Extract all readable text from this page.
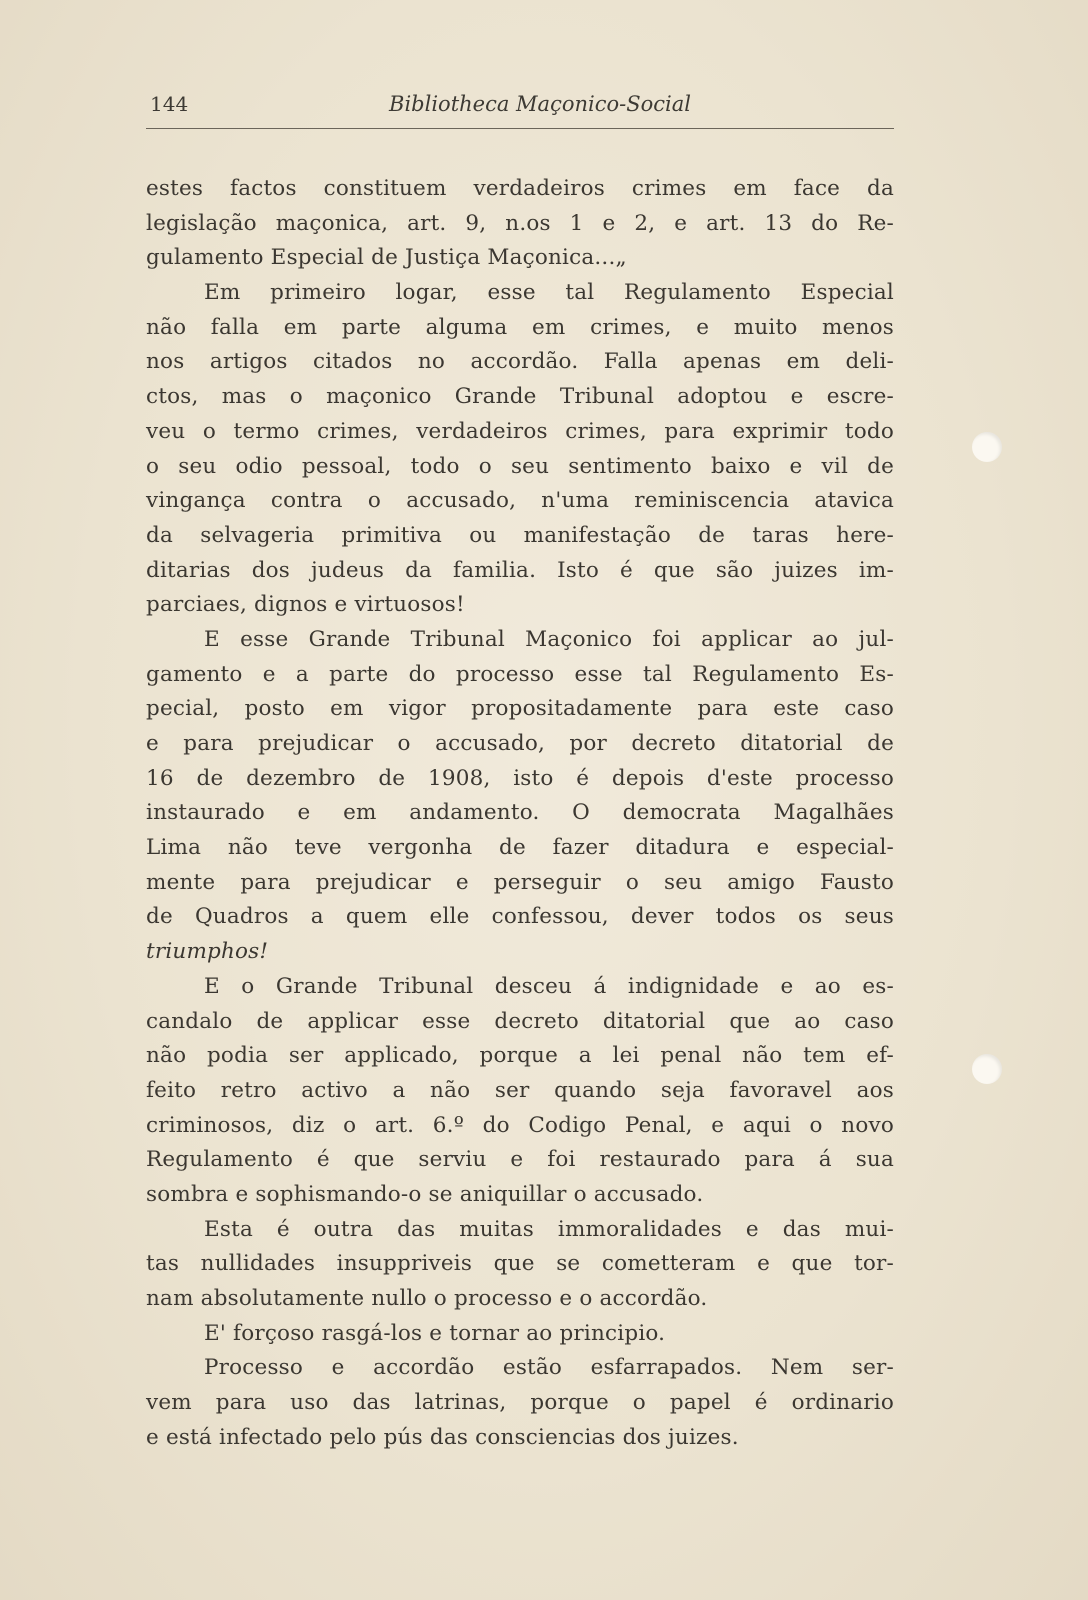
144	Bibliotheca Maçonico-Social
estes factos constituem verdadeiros crimes em face da
legislação maçonica, art. 9, n.os 1 e 2, e art. 13 do Re-
gulamento Especial de Justiça Maçonica...„
Em primeiro logar, esse tal Regulamento Especial
não falla em parte alguma em crimes, e muito menos
nos artigos citados no accordão. Falla apenas em deli-
ctos, mas o maçonico Grande Tribunal adoptou e escre-
veu o termo crimes, verdadeiros crimes, para exprimir todo
o seu odio pessoal, todo o seu sentimento baixo e vil de
vingança contra o accusado, n'uma reminiscencia atavica
da selvageria primitiva ou manifestação de taras here-
ditarias dos judeus da familia. Isto é que são juizes im-
parciaes, dignos e virtuosos!
E esse Grande Tribunal Maçonico foi applicar ao jul-
gamento e a parte do processo esse tal Regulamento Es-
pecial, posto em vigor propositadamente para este caso
e para prejudicar o accusado, por decreto ditatorial de
16 de dezembro de 1908, isto é depois d'este processo
instaurado e em andamento. O democrata Magalhães
Lima não teve vergonha de fazer ditadura e especial-
mente para prejudicar e perseguir o seu amigo Fausto
de Quadros a quem elle confessou, dever todos os seus
triumphos!
E o Grande Tribunal desceu á indignidade e ao es-
candalo de applicar esse decreto ditatorial que ao caso
não podia ser applicado, porque a lei penal não tem ef-
feito retro activo a não ser quando seja favoravel aos
criminosos, diz o art. 6.º do Codigo Penal, e aqui o novo
Regulamento é que serviu e foi restaurado para á sua
sombra e sophismando-o se aniquillar o accusado.
Esta é outra das muitas immoralidades e das mui-
tas nullidades insuppriveis que se cometteram e que tor-
nam absolutamente nullo o processo e o accordão.
E' forçoso rasgá-los e tornar ao principio.
Processo e accordão estão esfarrapados. Nem ser-
vem para uso das latrinas, porque o papel é ordinario
e está infectado pelo pús das consciencias dos juizes.
